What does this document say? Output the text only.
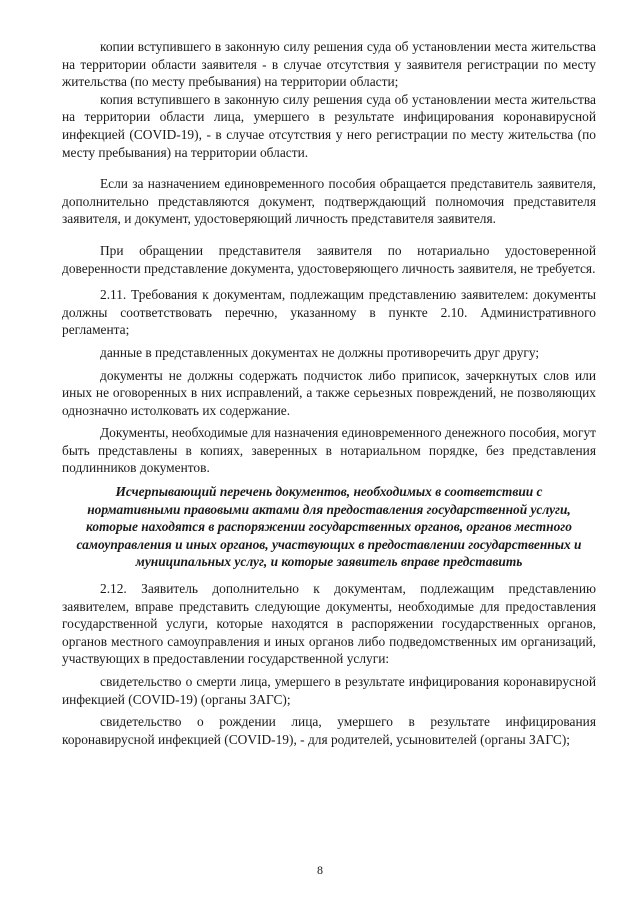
копии вступившего в законную силу решения суда об установлении места жительства на территории области заявителя - в случае отсутствия у заявителя регистрации по месту жительства (по месту пребывания) на территории области;

копия вступившего в законную силу решения суда об установлении места жительства на территории области лица, умершего в результате инфицирования коронавирусной инфекцией (COVID-19), - в случае отсутствия у него регистрации по месту жительства (по месту пребывания) на территории области.

Если за назначением единовременного пособия обращается представитель заявителя, дополнительно представляются документ, подтверждающий полномочия представителя заявителя, и документ, удостоверяющий личность представителя заявителя.

При обращении представителя заявителя по нотариально удостоверенной доверенности представление документа, удостоверяющего личность заявителя, не требуется.

2.11. Требования к документам, подлежащим представлению заявителем: документы должны соответствовать перечню, указанному в пункте 2.10. Административного регламента;

данные в представленных документах не должны противоречить друг другу;

документы не должны содержать подчисток либо приписок, зачеркнутых слов или иных не оговоренных в них исправлений, а также серьезных повреждений, не позволяющих однозначно истолковать их содержание.

Документы, необходимые для назначения единовременного денежного пособия, могут быть представлены в копиях, заверенных в нотариальном порядке, без представления подлинников документов.

Исчерпывающий перечень документов, необходимых в соответствии с нормативными правовыми актами для предоставления государственной услуги, которые находятся в распоряжении государственных органов, органов местного самоуправления и иных органов, участвующих в предоставлении государственных и муниципальных услуг, и которые заявитель вправе представить

2.12. Заявитель дополнительно к документам, подлежащим представлению заявителем, вправе представить следующие документы, необходимые для предоставления государственной услуги, которые находятся в распоряжении государственных органов, органов местного самоуправления и иных органов либо подведомственных им организаций, участвующих в предоставлении государственной услуги:

свидетельство о смерти лица, умершего в результате инфицирования коронавирусной инфекцией (COVID-19) (органы ЗАГС);

свидетельство о рождении лица, умершего в результате инфицирования коронавирусной инфекцией (COVID-19), - для родителей, усыновителей (органы ЗАГС);

8
